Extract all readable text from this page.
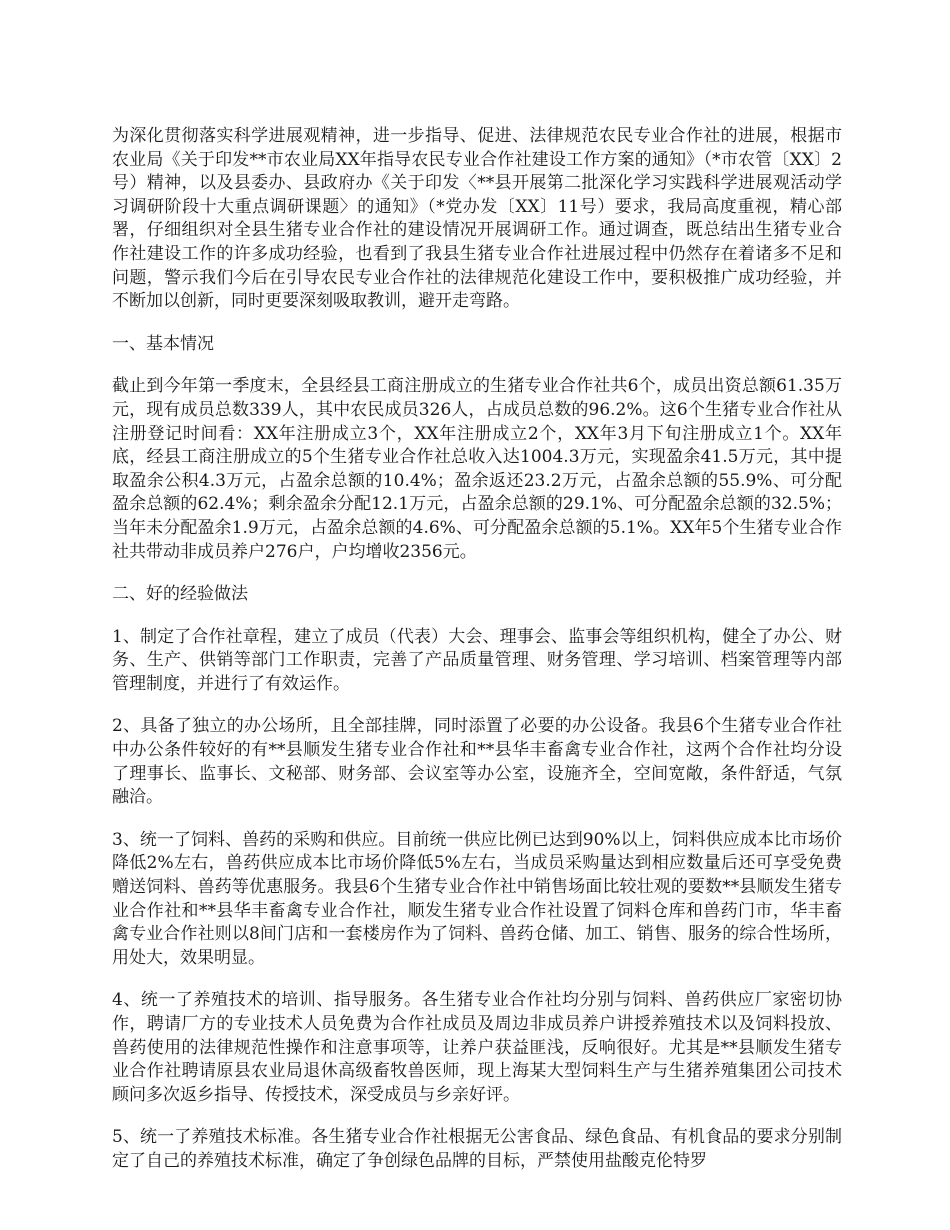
为深化贯彻落实科学进展观精神，进一步指导、促进、法律规范农民专业合作社的进展，根据市农业局《关于印发**市农业局XX年指导农民专业合作社建设工作方案的通知》（*市农管〔XX〕2号）精神，以及县委办、县政府办《关于印发〈**县开展第二批深化学习实践科学进展观活动学习调研阶段十大重点调研课题〉的通知》（*党办发〔XX〕11号）要求，我局高度重视，精心部署，仔细组织对全县生猪专业合作社的建设情况开展调研工作。通过调查，既总结出生猪专业合作社建设工作的许多成功经验，也看到了我县生猪专业合作社进展过程中仍然存在着诸多不足和问题，警示我们今后在引导农民专业合作社的法律规范化建设工作中，要积极推广成功经验，并不断加以创新，同时更要深刻吸取教训，避开走弯路。

一、基本情况

截止到今年第一季度末，全县经县工商注册成立的生猪专业合作社共6个，成员出资总额61.35万元，现有成员总数339人，其中农民成员326人，占成员总数的96.2%。这6个生猪专业合作社从注册登记时间看：XX年注册成立3个，XX年注册成立2个，XX年3月下旬注册成立1个。XX年底，经县工商注册成立的5个生猪专业合作社总收入达1004.3万元，实现盈余41.5万元，其中提取盈余公积4.3万元，占盈余总额的10.4%；盈余返还23.2万元，占盈余总额的55.9%、可分配盈余总额的62.4%；剩余盈余分配12.1万元，占盈余总额的29.1%、可分配盈余总额的32.5%；当年未分配盈余1.9万元，占盈余总额的4.6%、可分配盈余总额的5.1%。XX年5个生猪专业合作社共带动非成员养户276户，户均增收2356元。

二、好的经验做法

1、制定了合作社章程，建立了成员（代表）大会、理事会、监事会等组织机构，健全了办公、财务、生产、供销等部门工作职责，完善了产品质量管理、财务管理、学习培训、档案管理等内部管理制度，并进行了有效运作。

2、具备了独立的办公场所，且全部挂牌，同时添置了必要的办公设备。我县6个生猪专业合作社中办公条件较好的有**县顺发生猪专业合作社和**县华丰畜禽专业合作社，这两个合作社均分设了理事长、监事长、文秘部、财务部、会议室等办公室，设施齐全，空间宽敞，条件舒适，气氛融洽。

3、统一了饲料、兽药的采购和供应。目前统一供应比例已达到90%以上，饲料供应成本比市场价降低2%左右，兽药供应成本比市场价降低5%左右，当成员采购量达到相应数量后还可享受免费赠送饲料、兽药等优惠服务。我县6个生猪专业合作社中销售场面比较壮观的要数**县顺发生猪专业合作社和**县华丰畜禽专业合作社，顺发生猪专业合作社设置了饲料仓库和兽药门市，华丰畜禽专业合作社则以8间门店和一套楼房作为了饲料、兽药仓储、加工、销售、服务的综合性场所，用处大，效果明显。

4、统一了养殖技术的培训、指导服务。各生猪专业合作社均分别与饲料、兽药供应厂家密切协作，聘请厂方的专业技术人员免费为合作社成员及周边非成员养户讲授养殖技术以及饲料投放、兽药使用的法律规范性操作和注意事项等，让养户获益匪浅，反响很好。尤其是**县顺发生猪专业合作社聘请原县农业局退休高级畜牧兽医师，现上海某大型饲料生产与生猪养殖集团公司技术顾问多次返乡指导、传授技术，深受成员与乡亲好评。

5、统一了养殖技术标准。各生猪专业合作社根据无公害食品、绿色食品、有机食品的要求分别制定了自己的养殖技术标准，确定了争创绿色品牌的目标，严禁使用盐酸克伦特罗
